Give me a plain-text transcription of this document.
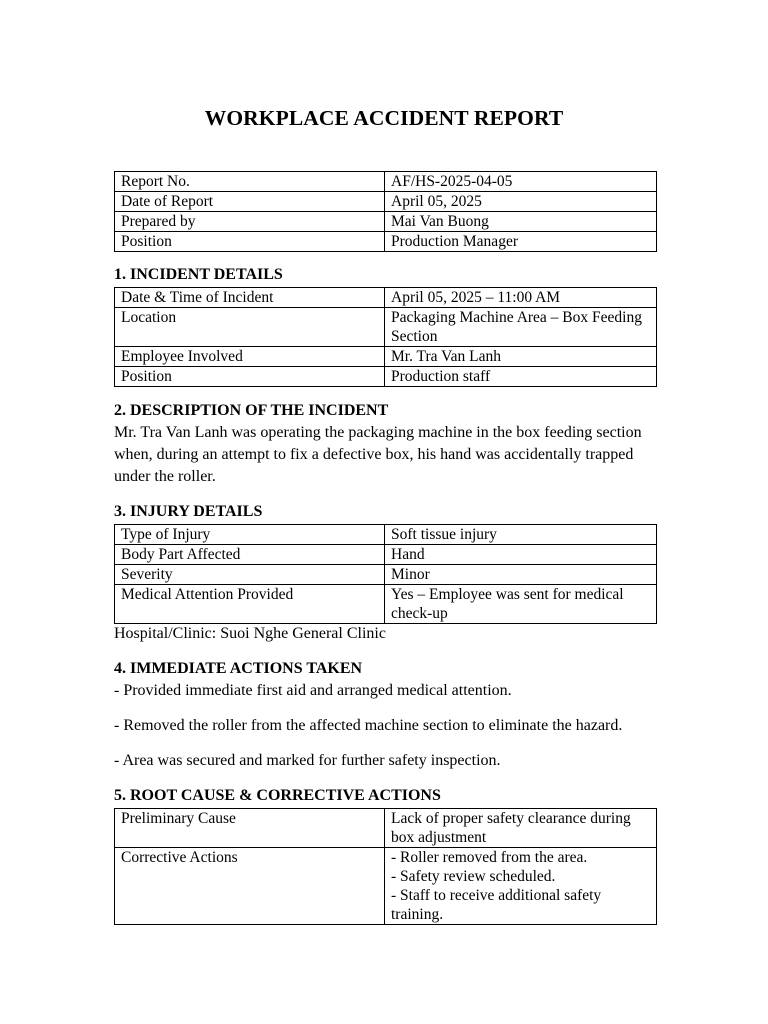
WORKPLACE ACCIDENT REPORT
Report No.	AF/HS-2025-04-05
Date of Report	April 05, 2025
Prepared by	Mai Van Buong
Position	Production Manager
1. INCIDENT DETAILS
Date & Time of Incident	April 05, 2025 – 11:00 AM
Location	Packaging Machine Area – Box Feeding Section
Employee Involved	Mr. Tra Van Lanh
Position	Production staff
2. DESCRIPTION OF THE INCIDENT

Mr. Tra Van Lanh was operating the packaging machine in the box feeding section when, during an attempt to fix a defective box, his hand was accidentally trapped under the roller.

3. INJURY DETAILS
Type of Injury	Soft tissue injury
Body Part Affected	Hand
Severity	Minor
Medical Attention Provided	Yes – Employee was sent for medical check-up

Hospital/Clinic: Suoi Nghe General Clinic

4. IMMEDIATE ACTIONS TAKEN

- Provided immediate first aid and arranged medical attention.

- Removed the roller from the affected machine section to eliminate the hazard.

- Area was secured and marked for further safety inspection.

5. ROOT CAUSE & CORRECTIVE ACTIONS
Preliminary Cause	Lack of proper safety clearance during box adjustment
Corrective Actions	- Roller removed from the area.
- Safety review scheduled.
- Staff to receive additional safety training.
